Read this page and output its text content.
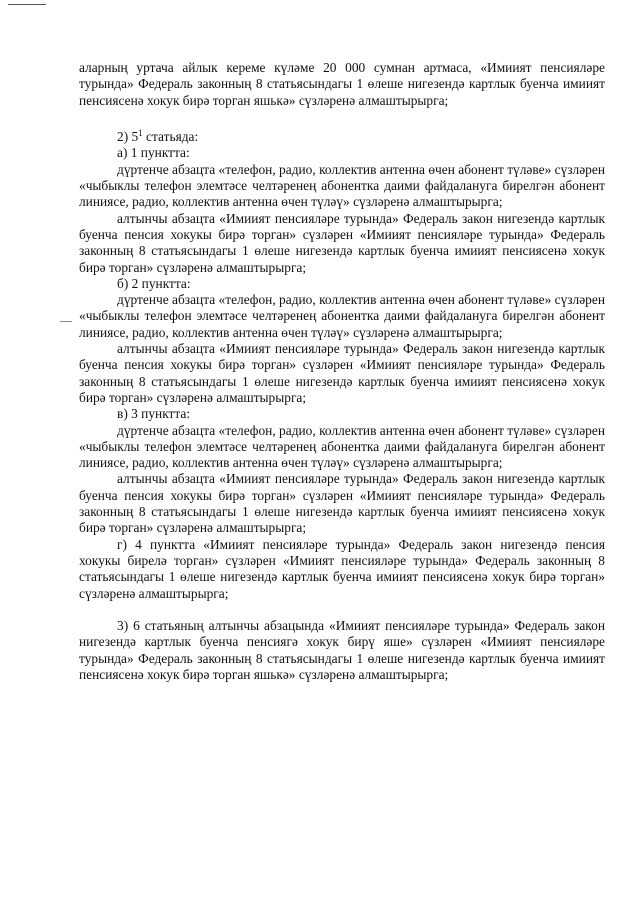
аларның уртача айлык кереме күләме 20 000 сумнан артмаса, «Имиият пенсияләре турында» Федераль законның 8 статьясындагы 1 өлеше нигезендә картлык буенча имиият пенсиясенә хокук бирә торган яшькә» сүзләренә алмаштырырга;

2) $5^1$ статьяда:

а) 1 пунктта:

дүртенче абзацта «телефон, радио, коллектив антенна өчен абонент түләве» сүзләрен «чыбыклы телефон элемтәсе челтәренең абонентка даими файдалануга бирелгән абонент линиясе, радио, коллектив антенна өчен түләү» сүзләренә алмаштырырга;

алтынчы абзацта «Имиият пенсияләре турында» Федераль закон нигезендә картлык буенча пенсия хокукы бирә торган» сүзләрен «Имиият пенсияләре турында» Федераль законның 8 статьясындагы 1 өлеше нигезендә картлык буенча имиият пенсиясенә хокук бирә торган» сүзләренә алмаштырырга;

б) 2 пунктта:

дүртенче абзацта «телефон, радио, коллектив антенна өчен абонент түләве» сүзләрен «чыбыклы телефон элемтәсе челтәренең абонентка даими файдалануга бирелгән абонент линиясе, радио, коллектив антенна өчен түләү» сүзләренә алмаштырырга;

алтынчы абзацта «Имиият пенсияләре турында» Федераль закон нигезендә картлык буенча пенсия хокукы бирә торган» сүзләрен «Имиият пенсияләре турында» Федераль законның 8 статьясындагы 1 өлеше нигезендә картлык буенча имиият пенсиясенә хокук бирә торган» сүзләренә алмаштырырга;

в) 3 пунктта:

дүртенче абзацта «телефон, радио, коллектив антенна өчен абонент түләве» сүзләрен «чыбыклы телефон элемтәсе челтәренең абонентка даими файдалануга бирелгән абонент линиясе, радио, коллектив антенна өчен түләү» сүзләренә алмаштырырга;

алтынчы абзацта «Имиият пенсияләре турында» Федераль закон нигезендә картлык буенча пенсия хокукы бирә торган» сүзләрен «Имиият пенсияләре турында» Федераль законның 8 статьясындагы 1 өлеше нигезендә картлык буенча имиият пенсиясенә хокук бирә торган» сүзләренә алмаштырырга;

г) 4 пунктта «Имиият пенсияләре турында» Федераль закон нигезендә пенсия хокукы бирелә торган» сүзләрен «Имиият пенсияләре турында» Федераль законның 8 статьясындагы 1 өлеше нигезендә картлык буенча имиият пенсиясенә хокук бирә торган» сүзләренә алмаштырырга;

3) 6 статьяның алтынчы абзацында «Имиият пенсияләре турында» Федераль закон нигезендә картлык буенча пенсиягә хокук бирү яше» сүзләрен «Имиият пенсияләре турында» Федераль законның 8 статьясындагы 1 өлеше нигезендә картлык буенча имиият пенсиясенә хокук бирә торган яшькә» сүзләренә алмаштырырга;
